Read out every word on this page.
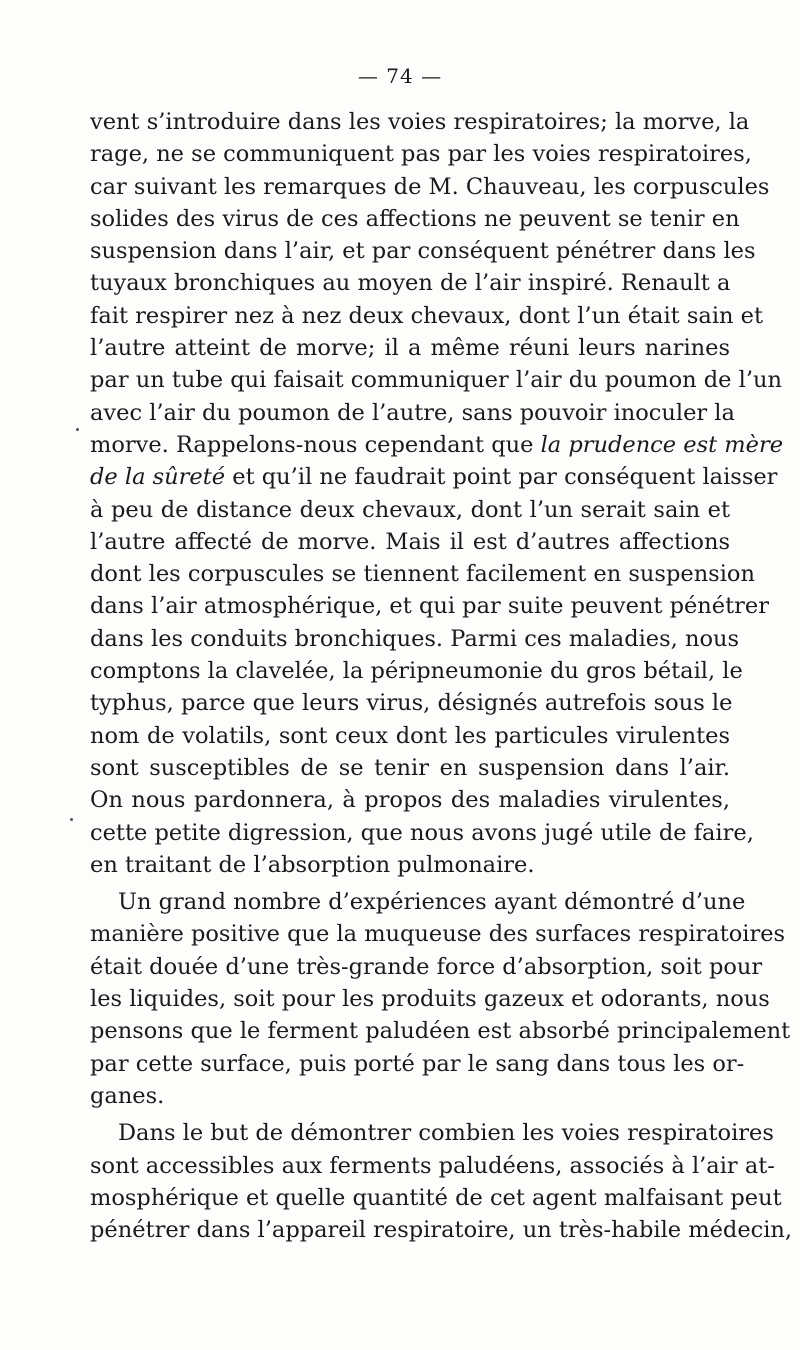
— 74 —
vent s’introduire dans les voies respiratoires; la morve, la
rage, ne se communiquent pas par les voies respiratoires,
car suivant les remarques de M. Chauveau, les corpuscules
solides des virus de ces affections ne peuvent se tenir en
suspension dans l’air, et par conséquent pénétrer dans les
tuyaux bronchiques au moyen de l’air inspiré. Renault a
fait respirer nez à nez deux chevaux, dont l’un était sain et
l’autre atteint de morve; il a même réuni leurs narines
par un tube qui faisait communiquer l’air du poumon de l’un
avec l’air du poumon de l’autre, sans pouvoir inoculer la
morve. Rappelons-nous cependant que la prudence est mère
de la sûreté et qu’il ne faudrait point par conséquent laisser
à peu de distance deux chevaux, dont l’un serait sain et
l’autre affecté de morve. Mais il est d’autres affections
dont les corpuscules se tiennent facilement en suspension
dans l’air atmosphérique, et qui par suite peuvent pénétrer
dans les conduits bronchiques. Parmi ces maladies, nous
comptons la clavelée, la péripneumonie du gros bétail, le
typhus, parce que leurs virus, désignés autrefois sous le
nom de volatils, sont ceux dont les particules virulentes
sont susceptibles de se tenir en suspension dans l’air.
On nous pardonnera, à propos des maladies virulentes,
cette petite digression, que nous avons jugé utile de faire,
en traitant de l’absorption pulmonaire.
Un grand nombre d’expériences ayant démontré d’une
manière positive que la muqueuse des surfaces respiratoires
était douée d’une très-grande force d’absorption, soit pour
les liquides, soit pour les produits gazeux et odorants, nous
pensons que le ferment paludéen est absorbé principalement
par cette surface, puis porté par le sang dans tous les or-
ganes.
Dans le but de démontrer combien les voies respiratoires
sont accessibles aux ferments paludéens, associés à l’air at-
mosphérique et quelle quantité de cet agent malfaisant peut
pénétrer dans l’appareil respiratoire, un très-habile médecin,
